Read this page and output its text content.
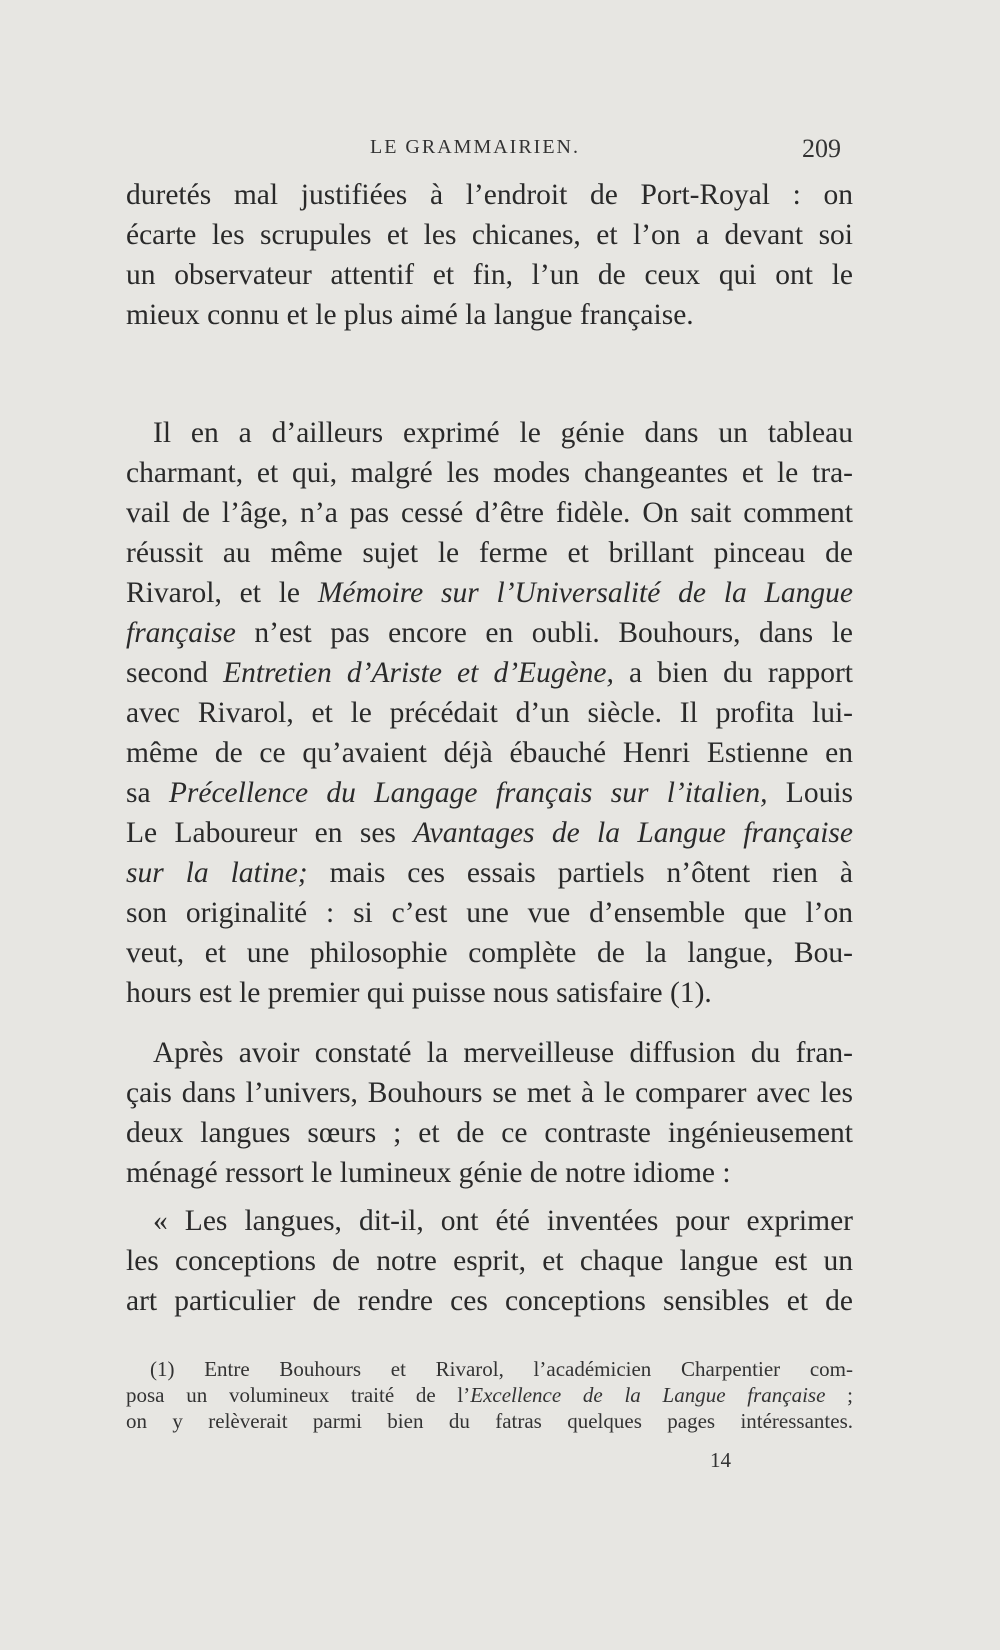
LE GRAMMAIRIEN.	209
duretés mal justifiées à l’endroit de Port-Royal : on
écarte les scrupules et les chicanes, et l’on a devant soi
un observateur attentif et fin, l’un de ceux qui ont le
mieux connu et le plus aimé la langue française.
Il en a d’ailleurs exprimé le génie dans un tableau
charmant, et qui, malgré les modes changeantes et le tra-
vail de l’âge, n’a pas cessé d’être fidèle. On sait comment
réussit au même sujet le ferme et brillant pinceau de
Rivarol, et le Mémoire sur l’Universalité de la Langue
française n’est pas encore en oubli. Bouhours, dans le
second Entretien d’Ariste et d’Eugène, a bien du rapport
avec Rivarol, et le précédait d’un siècle. Il profita lui-
même de ce qu’avaient déjà ébauché Henri Estienne en
sa Précellence du Langage français sur l’italien, Louis
Le Laboureur en ses Avantages de la Langue française
sur la latine; mais ces essais partiels n’ôtent rien à
son originalité : si c’est une vue d’ensemble que l’on
veut, et une philosophie complète de la langue, Bou-
hours est le premier qui puisse nous satisfaire (1).
Après avoir constaté la merveilleuse diffusion du fran-
çais dans l’univers, Bouhours se met à le comparer avec les
deux langues sœurs ; et de ce contraste ingénieusement
ménagé ressort le lumineux génie de notre idiome :
« Les langues, dit-il, ont été inventées pour exprimer
les conceptions de notre esprit, et chaque langue est un
art particulier de rendre ces conceptions sensibles et de
(1) Entre Bouhours et Rivarol, l’académicien Charpentier com-
posa un volumineux traité de l’Excellence de la Langue française ;
on y relèverait parmi bien du fatras quelques pages intéressantes.
14
